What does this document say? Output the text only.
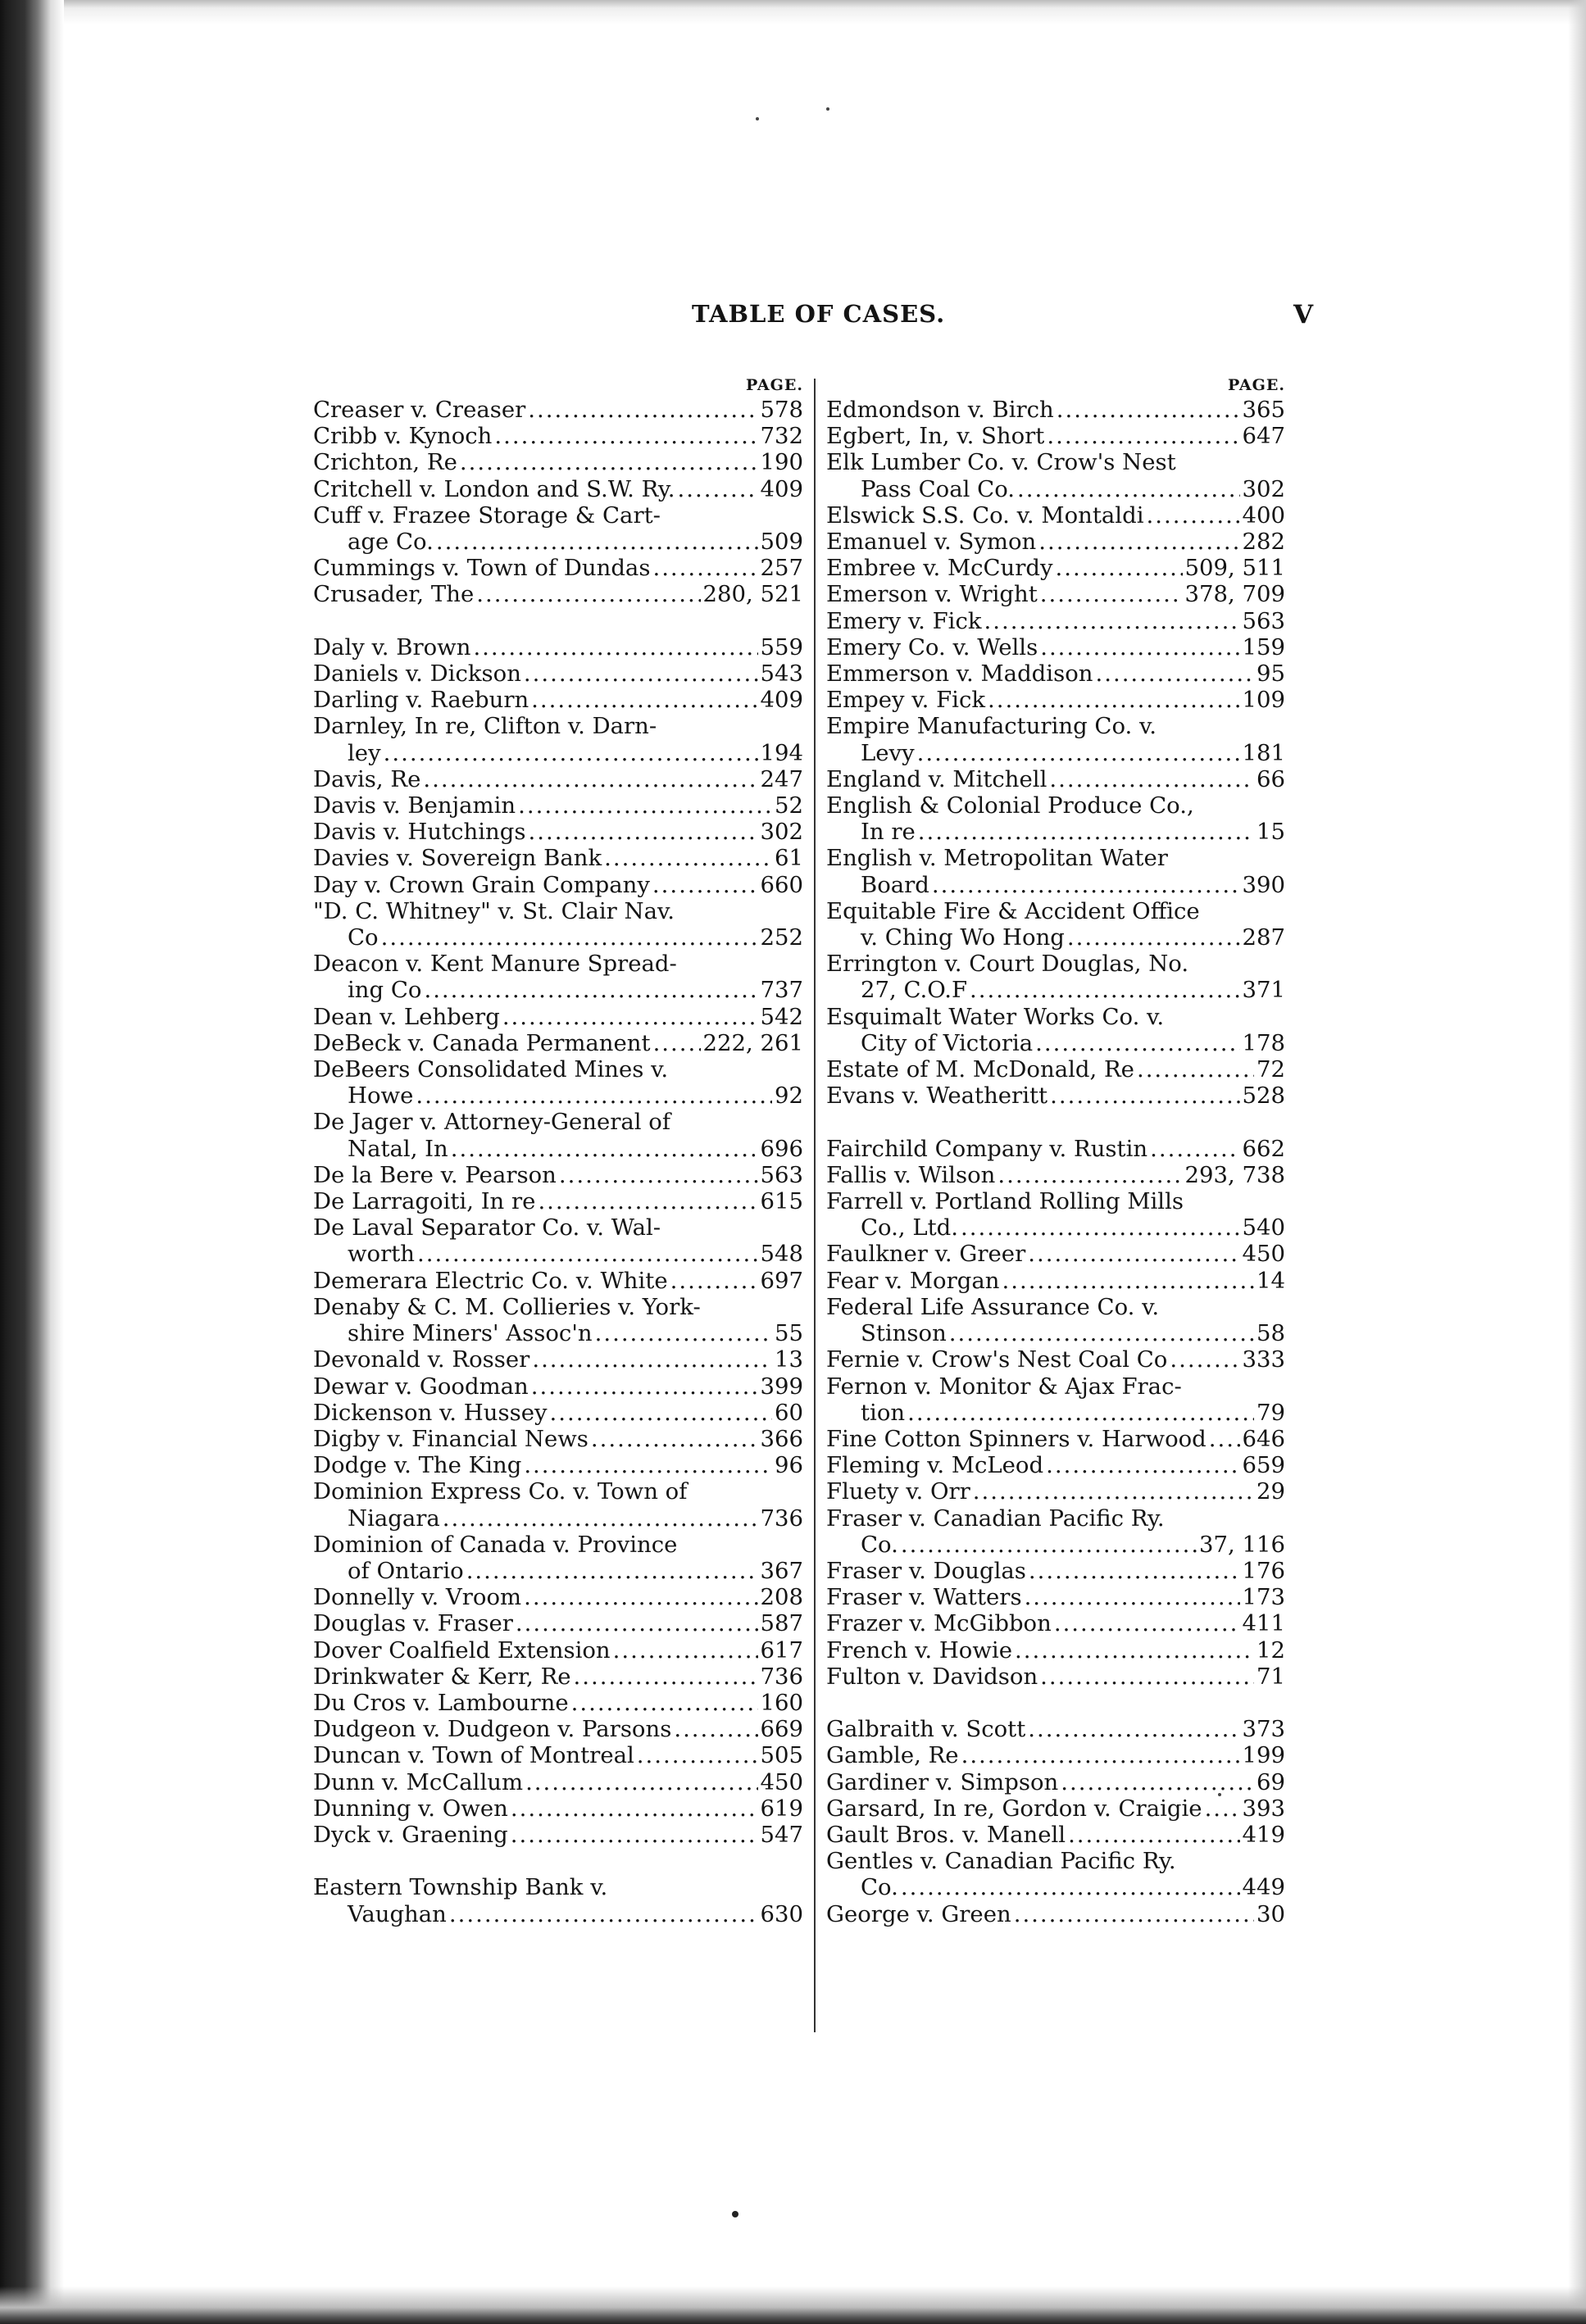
TABLE OF CASES.	V
PAGE.
Creaser v. Creaser .....	578
Cribb v. Kynoch .....	732
Crichton, Re .....	190
Critchell v. London and S.W. Ry. .....	409
Cuff v. Frazee Storage & Cart-
age Co. .....	509
Cummings v. Town of Dundas .....	257
Crusader, The .....	280, 521
Daly v. Brown .....	559
Daniels v. Dickson .....	543
Darling v. Raeburn .....	409
Darnley, In re, Clifton v. Darn-
ley .....	194
Davis, Re .....	247
Davis v. Benjamin .....	52
Davis v. Hutchings .....	302
Davies v. Sovereign Bank .....	61
Day v. Crown Grain Company .....	660
"D. C. Whitney" v. St. Clair Nav.
Co .....	252
Deacon v. Kent Manure Spread-
ing Co .....	737
Dean v. Lehberg .....	542
DeBeck v. Canada Permanent ..... 222, 261
DeBeers Consolidated Mines v.
Howe .....	92
De Jager v. Attorney-General of
Natal, In .....	696
De la Bere v. Pearson .....	563
De Larragoiti, In re .....	615
De Laval Separator Co. v. Wal-
worth .....	548
Demerara Electric Co. v. White .....	697
Denaby & C. M. Collieries v. York-
shire Miners' Assoc'n .....	55
Devonald v. Rosser .....	13
Dewar v. Goodman .....	399
Dickenson v. Hussey .....	60
Digby v. Financial News .....	366
Dodge v. The King .....	96
Dominion Express Co. v. Town of
Niagara .....	736
Dominion of Canada v. Province
of Ontario .....	367
Donnelly v. Vroom .....	208
Douglas v. Fraser .....	587
Dover Coalfield Extension .....	617
Drinkwater & Kerr, Re .....	736
Du Cros v. Lambourne .....	160
Dudgeon v. Dudgeon v. Parsons .....	669
Duncan v. Town of Montreal .....	505
Dunn v. McCallum .....	450
Dunning v. Owen .....	619
Dyck v. Graening .....	547
Eastern Township Bank v.
Vaughan .....	630
PAGE.
Edmondson v. Birch .....	365
Egbert, In, v. Short .....	647
Elk Lumber Co. v. Crow's Nest
Pass Coal Co. .....	302
Elswick S.S. Co. v. Montaldi .....	400
Emanuel v. Symon .....	282
Embree v. McCurdy .....	509, 511
Emerson v. Wright .....	378, 709
Emery v. Fick .....	563
Emery Co. v. Wells .....	159
Emmerson v. Maddison .....	95
Empey v. Fick .....	109
Empire Manufacturing Co. v.
Levy .....	181
England v. Mitchell .....	66
English & Colonial Produce Co.,
In re .....	15
English v. Metropolitan Water
Board .....	390
Equitable Fire & Accident Office
v. Ching Wo Hong .....	287
Errington v. Court Douglas, No.
27, C.O.F .....	371
Esquimalt Water Works Co. v.
City of Victoria .....	178
Estate of M. McDonald, Re .....	72
Evans v. Weatheritt .....	528
Fairchild Company v. Rustin .....	662
Fallis v. Wilson .....	293, 738
Farrell v. Portland Rolling Mills
Co., Ltd. .....	540
Faulkner v. Greer .....	450
Fear v. Morgan .....	14
Federal Life Assurance Co. v.
Stinson .....	58
Fernie v. Crow's Nest Coal Co .....	333
Fernon v. Monitor & Ajax Frac-
tion .....	79
Fine Cotton Spinners v. Harwood ..... 646
Fleming v. McLeod .....	659
Fluety v. Orr .....	29
Fraser v. Canadian Pacific Ry.
Co. .....	37, 116
Fraser v. Douglas .....	176
Fraser v. Watters .....	173
Frazer v. McGibbon .....	411
French v. Howie .....	12
Fulton v. Davidson .....	71
Galbraith v. Scott .....	373
Gamble, Re .....	199
Gardiner v. Simpson .....	69
Garsard, In re, Gordon v. Craigie ..... 393
Gault Bros. v. Manell .....	419
Gentles v. Canadian Pacific Ry.
Co. .....	449
George v. Green .....	30
